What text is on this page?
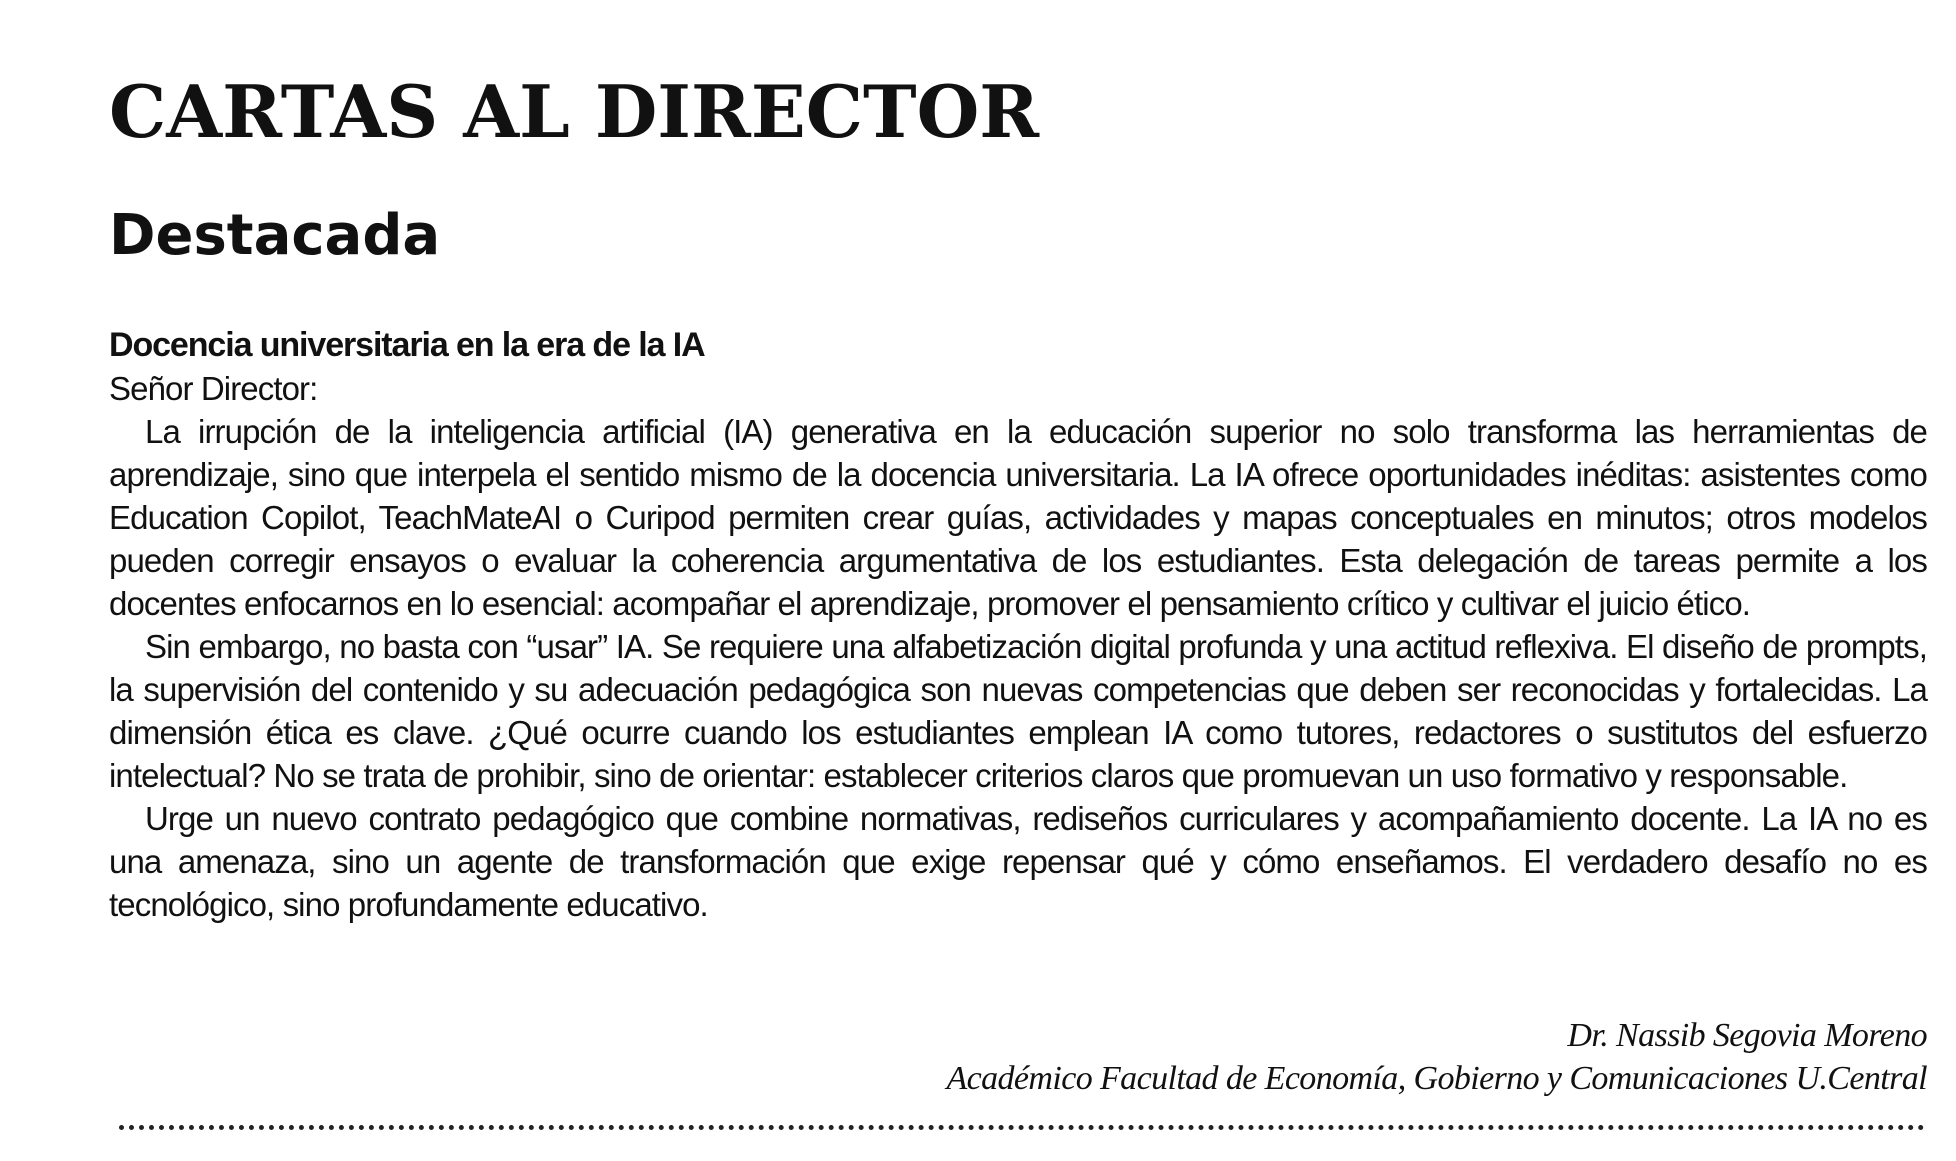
CARTAS AL DIRECTOR
Destacada
Docencia universitaria en la era de la IA

Señor Director:

La irrupción de la inteligencia artificial (IA) generativa en la educación superior no solo transforma las herramientas de aprendizaje, sino que interpela el sentido mismo de la docencia universitaria. La IA ofrece oportunidades inéditas: asistentes como Education Copilot, TeachMateAI o Curipod permiten crear guías, actividades y mapas conceptuales en minutos; otros modelos pueden corregir ensayos o evaluar la coherencia argumentativa de los estudiantes. Esta delegación de tareas permite a los docentes enfocarnos en lo esencial: acompañar el aprendizaje, promover el pensamiento crítico y cultivar el juicio ético.

Sin embargo, no basta con “usar” IA. Se requiere una alfabetización digital profunda y una actitud reflexiva. El diseño de prompts, la supervisión del contenido y su adecuación pedagógica son nuevas competencias que deben ser reconocidas y fortalecidas. La dimensión ética es clave. ¿Qué ocurre cuando los estudiantes emplean IA como tutores, redactores o sustitutos del esfuerzo intelectual? No se trata de prohibir, sino de orientar: establecer criterios claros que promuevan un uso formativo y responsable.

Urge un nuevo contrato pedagógico que combine normativas, rediseños curriculares y acompañamiento docente. La IA no es una amenaza, sino un agente de transformación que exige repensar qué y cómo enseñamos. El verdadero desafío no es tecnológico, sino profundamente educativo.

Dr. Nassib Segovia Moreno
Académico Facultad de Economía, Gobierno y Comunicaciones U.Central
